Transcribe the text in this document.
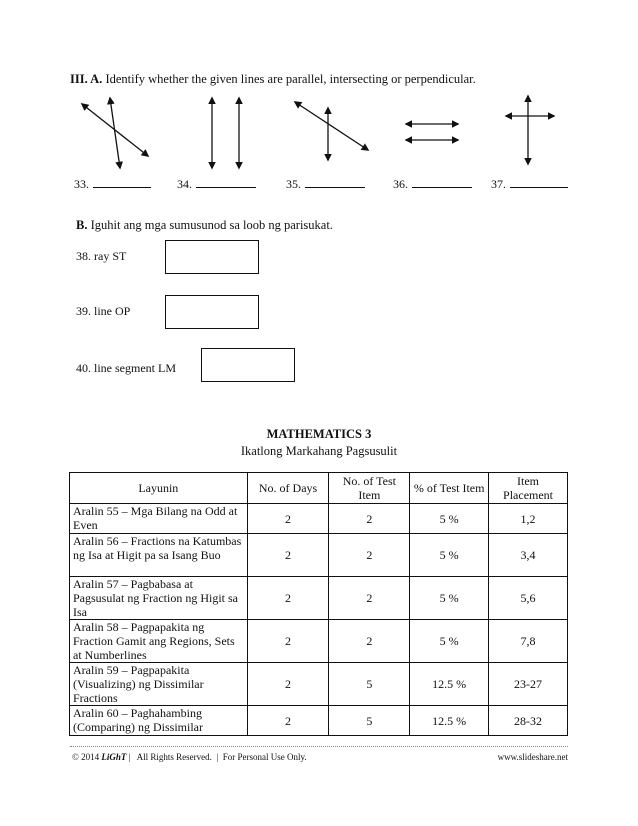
III. A. Identify whether the given lines are parallel, intersecting or perpendicular.
33.	34.	35.	36.	37.
B. Iguhit ang mga sumusunod sa loob ng parisukat.
38. ray ST
39. line OP
40. line segment LM
MATHEMATICS 3
Ikatlong Markahang Pagsusulit
Layunin	No. of Days	No. of Test Item	% of Test Item	Item Placement
Aralin 55 – Mga Bilang na Odd at Even	2	2	5 %	1,2
Aralin 56 – Fractions na Katumbas ng Isa at Higit pa sa Isang Buo	2	2	5 %	3,4
Aralin 57 – Pagbabasa at Pagsusulat ng Fraction ng Higit sa Isa	2	2	5 %	5,6
Aralin 58 – Pagpapakita ng Fraction Gamit ang Regions, Sets at Numberlines	2	2	5 %	7,8
Aralin 59 – Pagpapakita (Visualizing) ng Dissimilar Fractions	2	5	12.5 %	23-27
Aralin 60 – Paghahambing (Comparing) ng Dissimilar	2	5	12.5 %	28-32
© 2014 LiGhT |   All Rights Reserved.  |  For Personal Use Only.	www.slideshare.net
